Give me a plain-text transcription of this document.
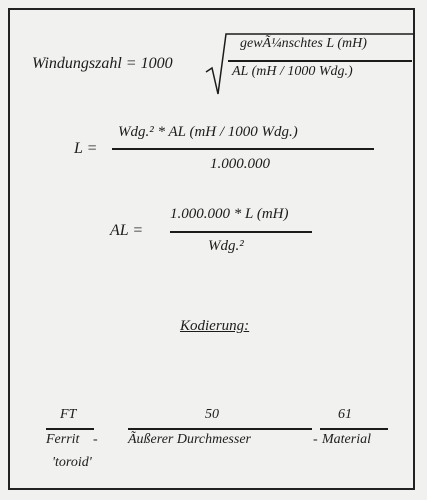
Windungszahl = 1000
gewÃ¼nschtes L (mH)
AL (mH / 1000 Wdg.)
L =
Wdg.² * AL (mH / 1000 Wdg.)
1.000.000
AL =
1.000.000 * L (mH)
Wdg.²
Kodierung:
FT
Ferrit -
50
Ãußerer Durchmesser	-
61
Material
'toroid'
